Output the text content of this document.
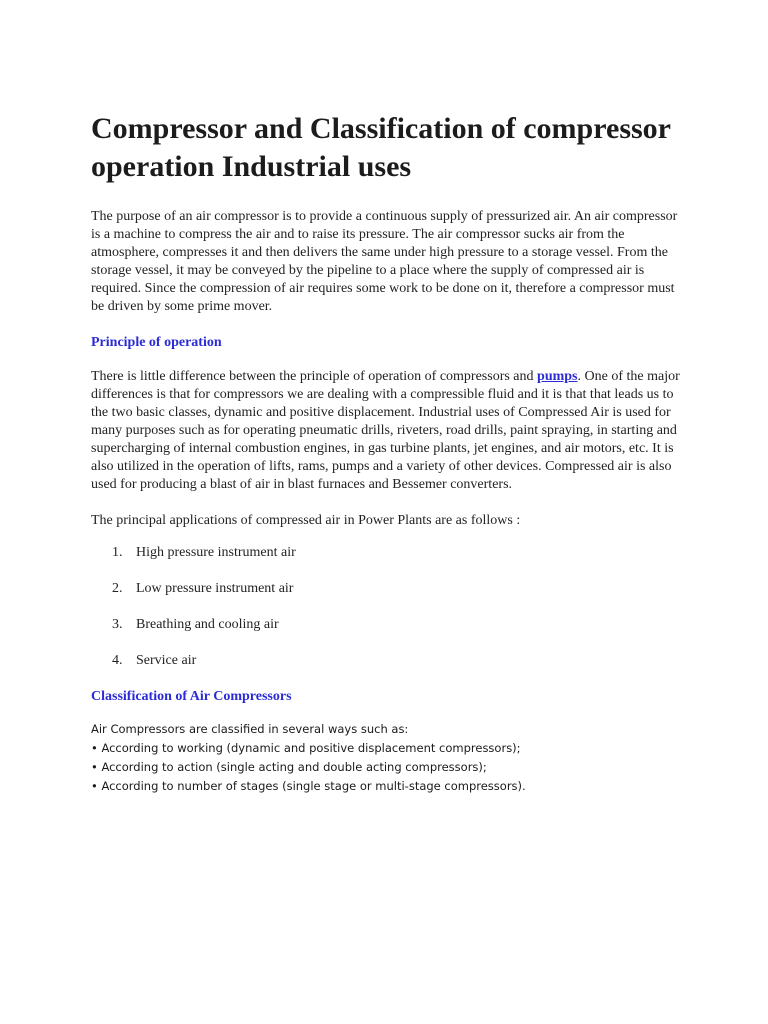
Compressor and Classification of compressor operation Industrial uses

The purpose of an air compressor is to provide a continuous supply of pressurized air. An air compressor is a machine to compress the air and to raise its pressure. The air compressor sucks air from the atmosphere, compresses it and then delivers the same under high pressure to a storage vessel. From the storage vessel, it may be conveyed by the pipeline to a place where the supply of compressed air is required. Since the compression of air requires some work to be done on it, therefore a compressor must be driven by some prime mover.

Principle of operation

There is little difference between the principle of operation of compressors and pumps. One of the major differences is that for compressors we are dealing with a compressible fluid and it is that that leads us to the two basic classes, dynamic and positive displacement. Industrial uses of Compressed Air is used for many purposes such as for operating pneumatic drills, riveters, road drills, paint spraying, in starting and supercharging of internal combustion engines, in gas turbine plants, jet engines, and air motors, etc. It is also utilized in the operation of lifts, rams, pumps and a variety of other devices. Compressed air is also used for producing a blast of air in blast furnaces and Bessemer converters.

The principal applications of compressed air in Power Plants are as follows :

1. High pressure instrument air
2. Low pressure instrument air
3. Breathing and cooling air
4. Service air
Classification of Air Compressors
Air Compressors are classified in several ways such as:
• According to working (dynamic and positive displacement compressors);
• According to action (single acting and double acting compressors);
• According to number of stages (single stage or multi-stage compressors).
